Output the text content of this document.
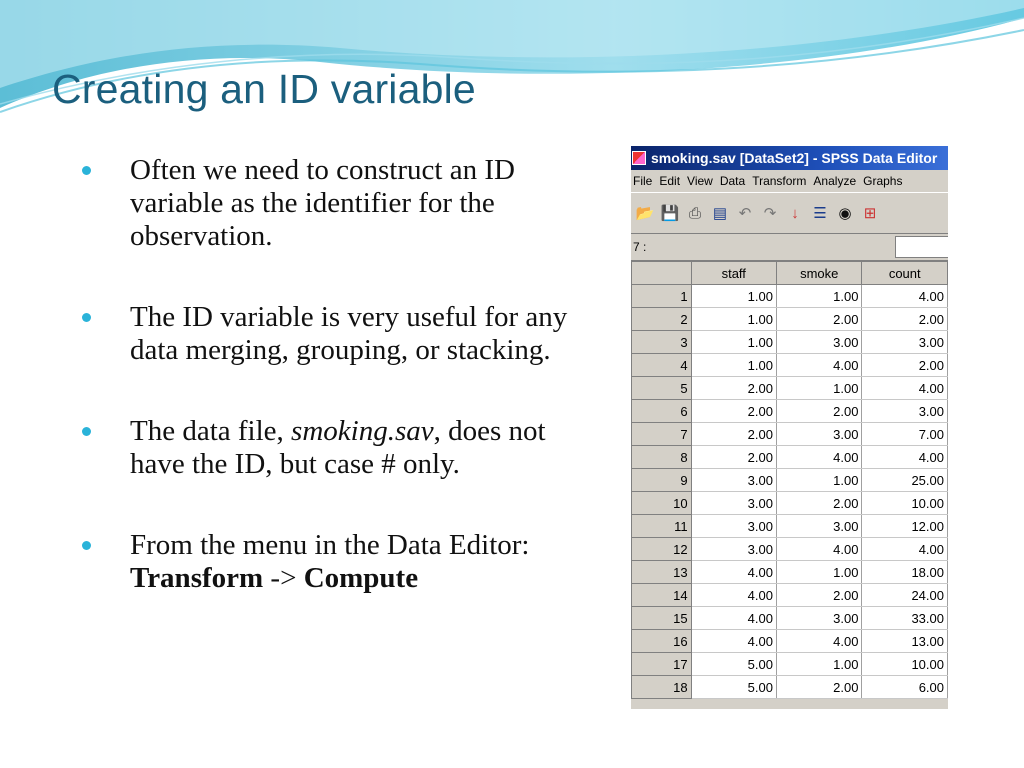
Creating an ID variable
Often we need to construct an ID variable as the identifier for the observation.
The ID variable is very useful for any data merging, grouping, or stacking.
The data file, smoking.sav, does not have the ID, but case # only.
From the menu in the Data Editor: Transform -> Compute
smoking.sav [DataSet2] - SPSS Data Editor
File Edit View Data Transform Analyze Graphs
📂 💾 ⎙ ▤ ↶ ↷ ↓ ☰ ◉ ⊞
7 :
	staff	smoke	count
1	1.00	1.00	4.00
2	1.00	2.00	2.00
3	1.00	3.00	3.00
4	1.00	4.00	2.00
5	2.00	1.00	4.00
6	2.00	2.00	3.00
7	2.00	3.00	7.00
8	2.00	4.00	4.00
9	3.00	1.00	25.00
10	3.00	2.00	10.00
11	3.00	3.00	12.00
12	3.00	4.00	4.00
13	4.00	1.00	18.00
14	4.00	2.00	24.00
15	4.00	3.00	33.00
16	4.00	4.00	13.00
17	5.00	1.00	10.00
18	5.00	2.00	6.00
